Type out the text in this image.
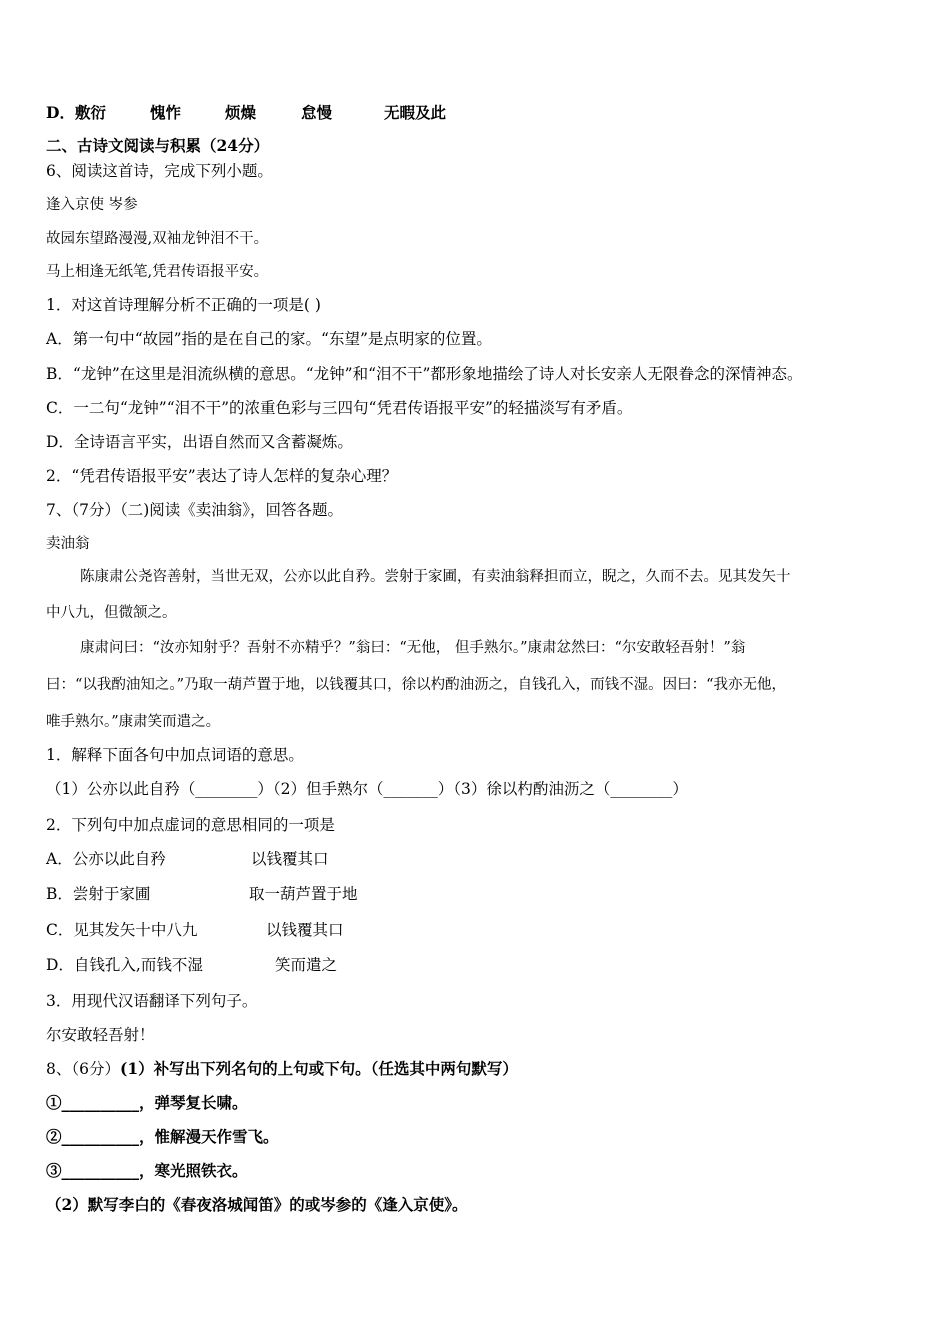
D．敷衍	愧怍	烦燥	怠慢	无暇及此
二、古诗文阅读与积累（24分）
6、阅读这首诗，完成下列小题。
逢入京使 岑参
故园东望路漫漫,双袖龙钟泪不干。
马上相逢无纸笔,凭君传语报平安。
1．对这首诗理解分析不正确的一项是( )
A．第一句中“故园”指的是在自己的家。“东望”是点明家的位置。
B．“龙钟”在这里是泪流纵横的意思。“龙钟”和“泪不干”都形象地描绘了诗人对长安亲人无限眷念的深情神态。
C．一二句“龙钟”“泪不干”的浓重色彩与三四句“凭君传语报平安”的轻描淡写有矛盾。
D．全诗语言平实，出语自然而又含蓄凝炼。
2．“凭君传语报平安”表达了诗人怎样的复杂心理？
7、（7分）（二)阅读《卖油翁》，回答各题。
卖油翁
陈康肃公尧咨善射，当世无双，公亦以此自矜。尝射于家圃，有卖油翁释担而立，睨之，久而不去。见其发矢十
中八九，但微颔之。
康肃问曰：“汝亦知射乎？吾射不亦精乎？”翁曰：“无他， 但手熟尔。”康肃忿然曰：“尔安敢轻吾射！”翁
曰：“以我酌油知之。”乃取一葫芦置于地，以钱覆其口，徐以杓酌油沥之，自钱孔入，而钱不湿。因曰：“我亦无他，
唯手熟尔。”康肃笑而遣之。
1．解释下面各句中加点词语的意思。
（1）公亦以此自矜（________）（2）但手熟尔（_______）（3）徐以杓酌油沥之（________）
2．下列句中加点虚词的意思相同的一项是
A．公亦以此自矜	以钱覆其口
B．尝射于家圃	取一葫芦置于地
C．见其发矢十中八九	以钱覆其口
D．自钱孔入,而钱不湿	笑而遣之
3．用现代汉语翻译下列句子。
尔安敢轻吾射！
8、（6分）(1）补写出下列名句的上句或下句。（任选其中两句默写）
①__________，弹琴复长啸。
②__________，惟解漫天作雪飞。
③__________，寒光照铁衣。
（2）默写李白的《春夜洛城闻笛》的或岑参的《逢入京使》。
